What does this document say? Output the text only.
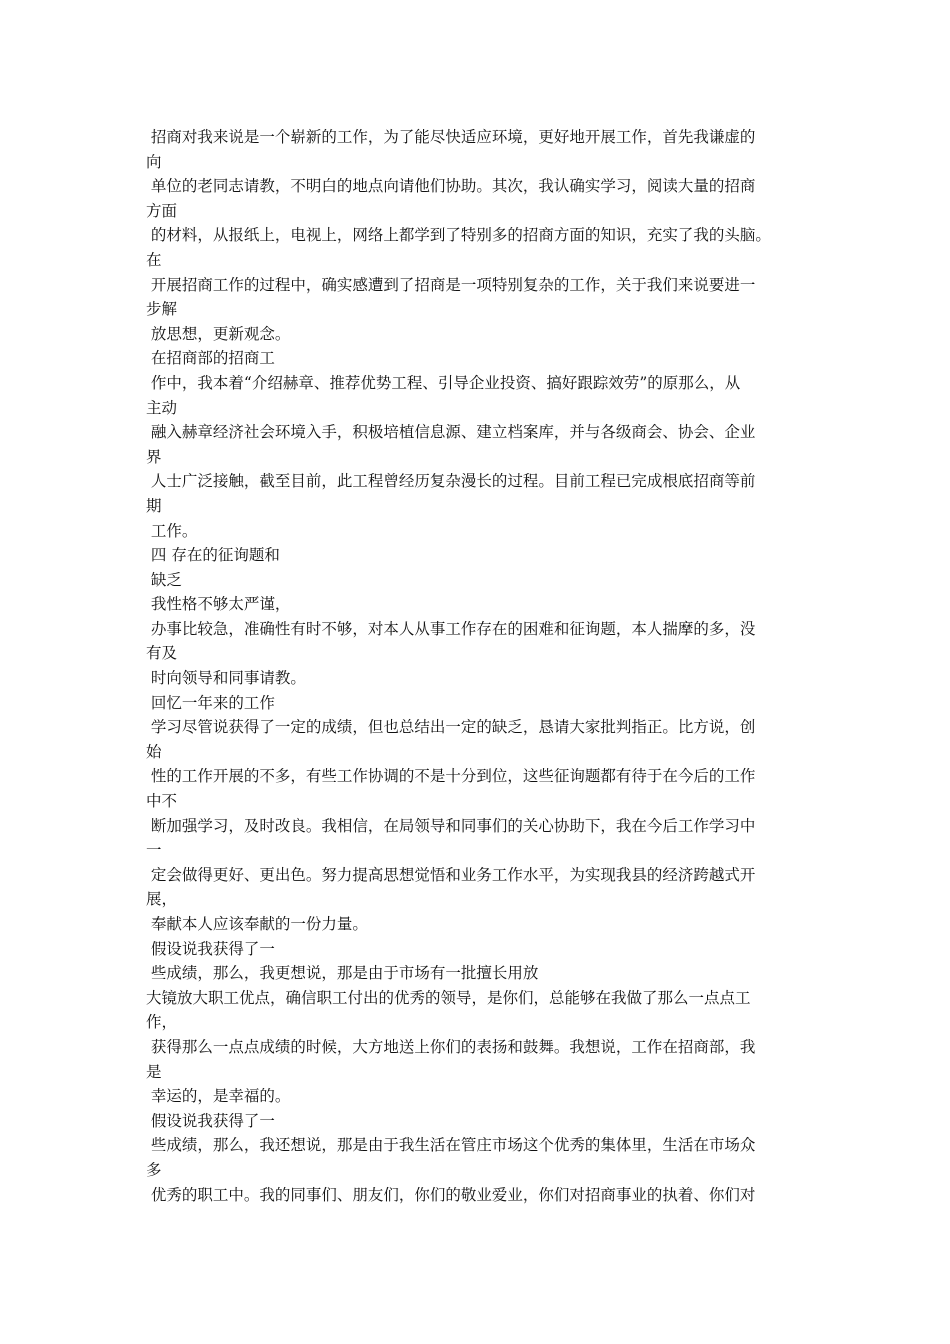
招商对我来说是一个崭新的工作，为了能尽快适应环境，更好地开展工作，首先我谦虚的
向
单位的老同志请教，不明白的地点向请他们协助。其次，我认确实学习，阅读大量的招商
方面
的材料，从报纸上，电视上，网络上都学到了特别多的招商方面的知识，充实了我的头脑。
在
开展招商工作的过程中，确实感遭到了招商是一项特别复杂的工作，关于我们来说要进一
步解
放思想，更新观念。
在招商部的招商工
作中，我本着“介绍赫章、推荐优势工程、引导企业投资、搞好跟踪效劳”的原那么，从
主动
融入赫章经济社会环境入手，积极培植信息源、建立档案库，并与各级商会、协会、企业
界
人士广泛接触，截至目前，此工程曾经历复杂漫长的过程。目前工程已完成根底招商等前
期
工作。
四 存在的征询题和
缺乏
我性格不够太严谨，
办事比较急，准确性有时不够，对本人从事工作存在的困难和征询题，本人揣摩的多，没
有及
时向领导和同事请教。
回忆一年来的工作
学习尽管说获得了一定的成绩，但也总结出一定的缺乏，恳请大家批判指正。比方说，创
始
性的工作开展的不多，有些工作协调的不是十分到位，这些征询题都有待于在今后的工作
中不
断加强学习，及时改良。我相信，在局领导和同事们的关心协助下，我在今后工作学习中
一
定会做得更好、更出色。努力提高思想觉悟和业务工作水平，为实现我县的经济跨越式开
展，
奉献本人应该奉献的一份力量。
假设说我获得了一
些成绩，那么，我更想说，那是由于市场有一批擅长用放
大镜放大职工优点，确信职工付出的优秀的领导，是你们，总能够在我做了那么一点点工
作，
获得那么一点点成绩的时候，大方地送上你们的表扬和鼓舞。我想说，工作在招商部，我
是
幸运的，是幸福的。
假设说我获得了一
些成绩，那么，我还想说，那是由于我生活在管庄市场这个优秀的集体里，生活在市场众
多
优秀的职工中。我的同事们、朋友们，你们的敬业爱业，你们对招商事业的执着、你们对
